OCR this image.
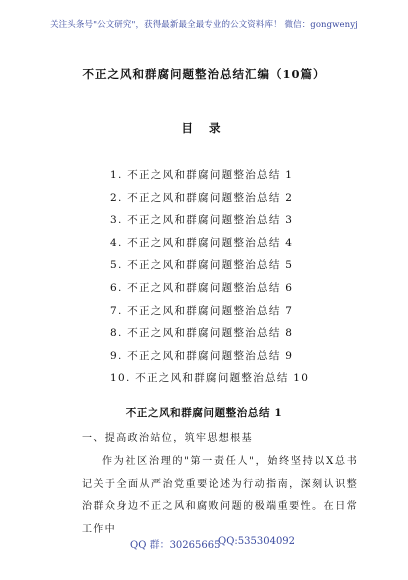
关注头条号"公文研究"，获得最新最全最专业的公文资料库！ 微信：gongwenyj
不正之风和群腐问题整治总结汇编（10篇）
目 录
1. 不正之风和群腐问题整治总结 1
2. 不正之风和群腐问题整治总结 2
3. 不正之风和群腐问题整治总结 3
4. 不正之风和群腐问题整治总结 4
5. 不正之风和群腐问题整治总结 5
6. 不正之风和群腐问题整治总结 6
7. 不正之风和群腐问题整治总结 7
8. 不正之风和群腐问题整治总结 8
9. 不正之风和群腐问题整治总结 9
10. 不正之风和群腐问题整治总结 10
不正之风和群腐问题整治总结 1
一、提高政治站位，筑牢思想根基
作为社区治理的"第一责任人"，始终坚持以X总书记关于全面从严治党重要论述为行动指南，深刻认识整治群众身边不正之风和腐败问题的极端重要性。在日常工作中
QQ 群：30265665
QQ:535304092
